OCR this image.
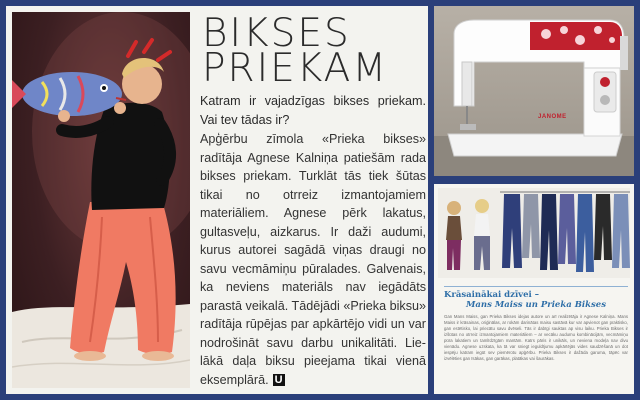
BIKSES
PRIEKAM

Katram ir vajadzīgas bikses priekam. Vai tev tādas ir?

Apģērbu zīmola «Prieka bikses» radītāja Agnese Kalniņa patiešām rada bikses priekam. Turklāt tās tiek šūtas tikai no otrreiz izmantojamiem materiāliem. Agnese pērk lakatus, gultasveļu, aizkarus. Ir daži audumi, kurus autorei sagādā viņas draugi no savu vecmāmiņu pūralades. Galvenais, ka neviens materiāls nav iegādāts parastā veikalā. Tādējādi «Prieka biksu» radītāja rūpējas par apkārtējo vidi un var nodrošināt savu darbu unikalitāti. Lielākā daļa biksu pieejama tikai vienā eksemplārā. U

JANOME

Krāsainākai dzīvei –

Mans Maiss un Prieka Bikses

Gan Mans Maiss, gan Prieka Bikses idejas autore un arī realizētāja ir Agnese Kalniņa. Mans Maiss ir krāsainas, oriģinālas, ar rokām darinātas maisu sastāvā kur var apvienot gan praktisko, gan estētisko, lai priecātu savu dvēseli. Tās ir dabīgi sauktas ap visu laiku. Prieka Bikses ir izšūtas no otrreiz izmantojamiem materiāliem – ar vecāku audumu kombinācijām, vecmāmiņu pūra lakatiem un tamlīdzīgām mantām. Katrs pāris ir unikāls, un neviena modeļa nav divu vienādu. Agnese uzskata, ka tā var sniegt ieguldījumu apkārtējās vides saudzēšanā un dot iespēju katram iegūt sev piemērotu apģērbu. Prieka Bikses ir dažāda garuma, tāpēc var izvēlēties gan īsākas, gan garākas, platākas vai šaurākas.
